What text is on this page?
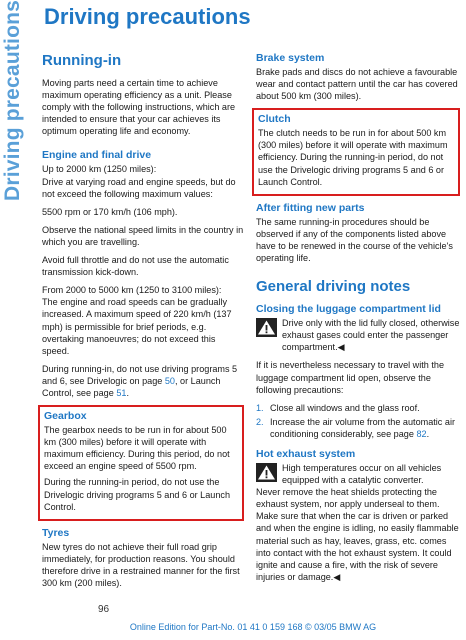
Driving precautions Driving precautions
Running-in

Moving parts need a certain time to achieve maximum operating efficiency as a unit. Please comply with the following instructions, which are intended to ensure that your car achieves its optimum operating life and economy.

Engine and final drive

Up to 2000 km (1250 miles):
Drive at varying road and engine speeds, but do not exceed the following maximum values:

5500 rpm or 170 km/h (106 mph).

Observe the national speed limits in the country in which you are travelling.

Avoid full throttle and do not use the automatic transmission kick-down.

From 2000 to 5000 km (1250 to 3100 miles):
The engine and road speeds can be gradually increased. A maximum speed of 220 km/h (137 mph) is permissible for brief periods, e.g. overtaking manoeuvres; do not exceed this speed.

During running-in, do not use driving programs 5 and 6, see Drivelogic on page 50, or Launch Control, see page 51.

Gearbox

The gearbox needs to be run in for about 500 km (300 miles) before it will operate with maximum efficiency. During this period, do not exceed an engine speed of 5500 rpm.

During the running-in period, do not use the Drivelogic driving programs 5 and 6 or Launch Control.

Tyres

New tyres do not achieve their full road grip immediately, for production reasons. You should therefore drive in a restrained manner for the first 300 km (200 miles).

Brake system

Brake pads and discs do not achieve a favourable wear and contact pattern until the car has covered about 500 km (300 miles).

Clutch

The clutch needs to be run in for about 500 km (300 miles) before it will operate with maximum efficiency. During the running-in period, do not use the Drivelogic driving programs 5 and 6 or Launch Control.

After fitting new parts

The same running-in procedures should be observed if any of the components listed above have to be renewed in the course of the vehicle's operating life.

General driving notes
Closing the luggage compartment lid

Drive only with the lid fully closed, otherwise exhaust gases could enter the passenger compartment.◀

If it is nevertheless necessary to travel with the luggage compartment lid open, observe the following precautions:

1. Close all windows and the glass roof.
2. Increase the air volume from the automatic air conditioning considerably, see page 82.
Hot exhaust system

High temperatures occur on all vehicles equipped with a catalytic converter.

Never remove the heat shields protecting the exhaust system, nor apply underseal to them. Make sure that when the car is driven or parked and when the engine is idling, no easily flammable material such as hay, leaves, grass, etc. comes into contact with the hot exhaust system. It could ignite and cause a fire, with the risk of severe injuries or damage.◀

96
Online Edition for Part-No. 01 41 0 159 168 © 03/05 BMW AG
